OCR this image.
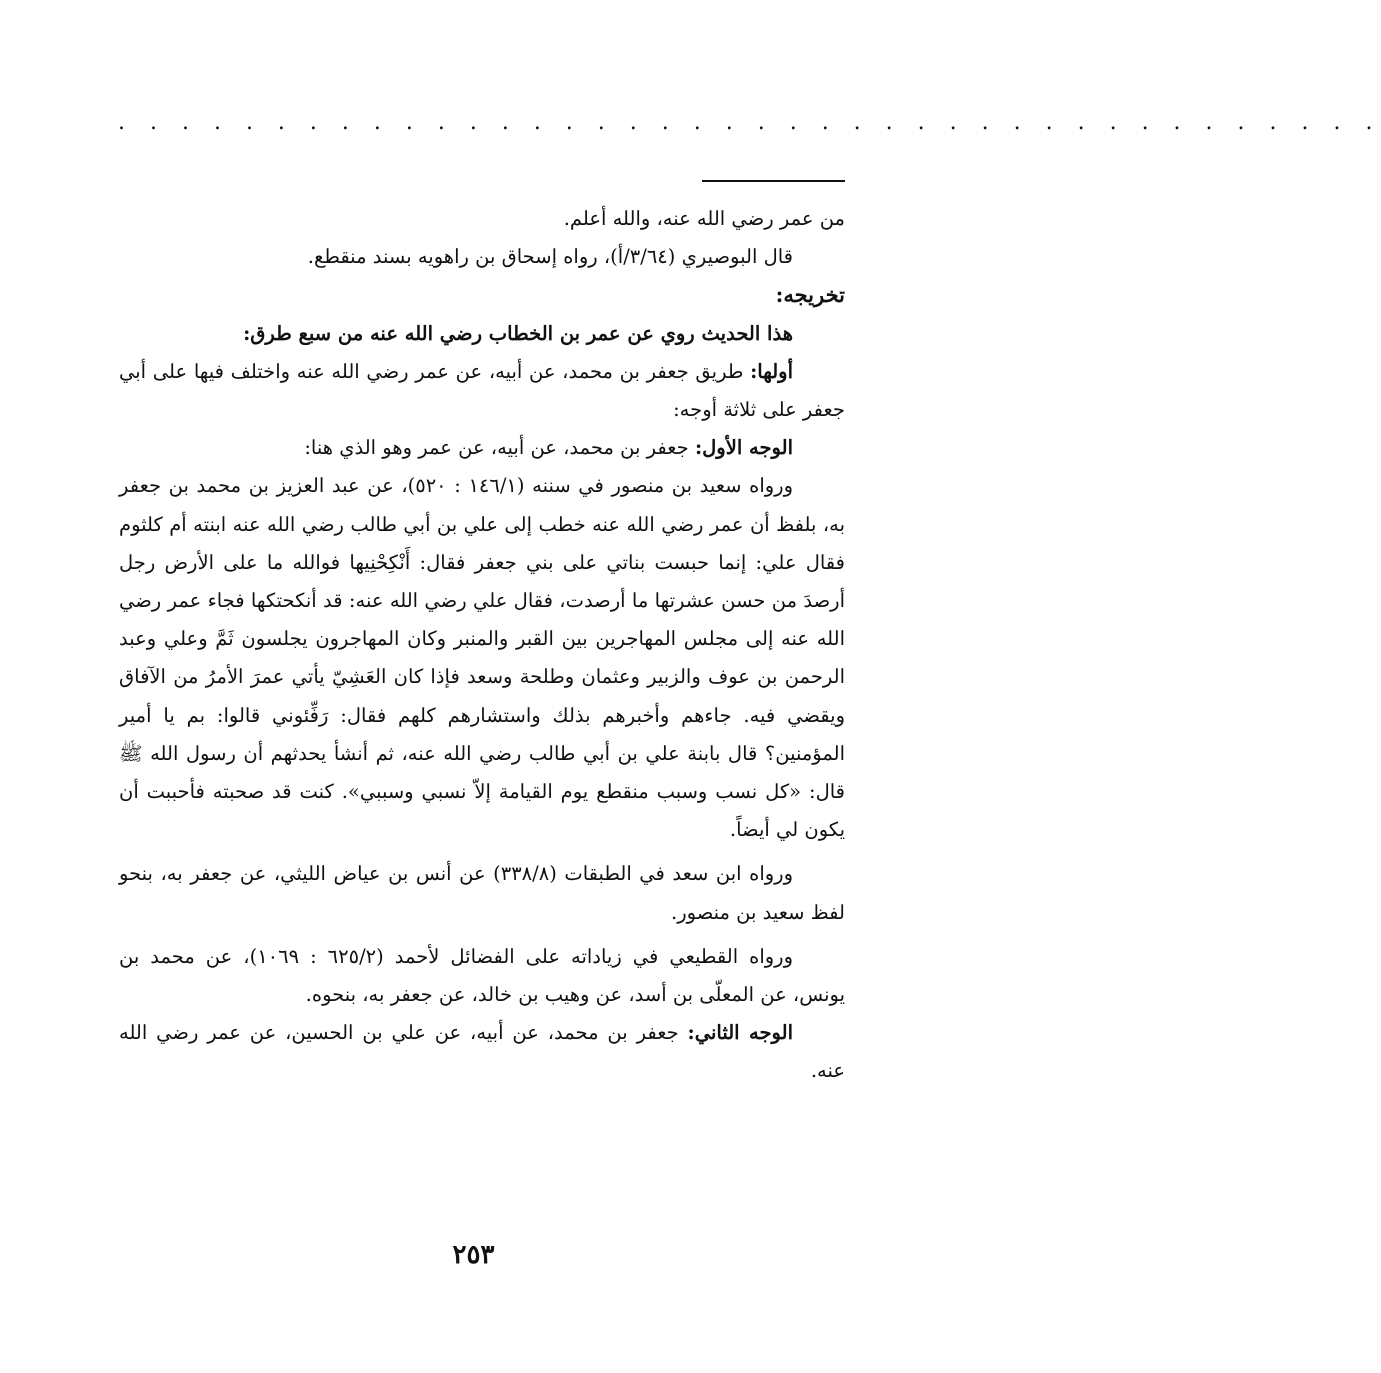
. . . . . . . . . . . . . . . . . . . . . . . . . . . . . . . . . . . . . . . .

من عمر رضي الله عنه، والله أعلم.

قال البوصيري (٣/٦٤/أ)، رواه إسحاق بن راهويه بسند منقطع.

تخريجه:

هذا الحديث روي عن عمر بن الخطاب رضي الله عنه من سبع طرق:

أولها: طريق جعفر بن محمد، عن أبيه، عن عمر رضي الله عنه واختلف فيها على أبي جعفر على ثلاثة أوجه:

الوجه الأول: جعفر بن محمد، عن أبيه، عن عمر وهو الذي هنا:

ورواه سعيد بن منصور في سننه (١٤٦/١ : ٥٢٠)، عن عبد العزيز بن محمد بن جعفر به، بلفظ أن عمر رضي الله عنه خطب إلى علي بن أبي طالب رضي الله عنه ابنته أم كلثوم فقال علي: إنما حبست بناتي على بني جعفر فقال: أَنْكِحْنِيها فوالله ما على الأرض رجل أرصدَ من حسن عشرتها ما أرصدت، فقال علي رضي الله عنه: قد أنكحتكها فجاء عمر رضي الله عنه إلى مجلس المهاجرين بين القبر والمنبر وكان المهاجرون يجلسون ثَمَّ وعلي وعبد الرحمن بن عوف والزبير وعثمان وطلحة وسعد فإذا كان العَشِيّ يأتي عمرَ الأمرُ من الآفاق ويقضي فيه. جاءهم وأخبرهم بذلك واستشارهم كلهم فقال: رَفِّئوني قالوا: بم يا أمير المؤمنين؟ قال بابنة علي بن أبي طالب رضي الله عنه، ثم أنشأ يحدثهم أن رسول الله ﷺ قال: «كل نسب وسبب منقطع يوم القيامة إلاّ نسبي وسببي». كنت قد صحبته فأحببت أن يكون لي أيضاً.

ورواه ابن سعد في الطبقات (٣٣٨/٨) عن أنس بن عياض الليثي، عن جعفر به، بنحو لفظ سعيد بن منصور.

ورواه القطيعي في زياداته على الفضائل لأحمد (٦٢٥/٢ : ١٠٦٩)، عن محمد بن يونس، عن المعلّى بن أسد، عن وهيب بن خالد، عن جعفر به، بنحوه.

الوجه الثاني: جعفر بن محمد، عن أبيه، عن علي بن الحسين، عن عمر رضي الله عنه.

٢٥٣
